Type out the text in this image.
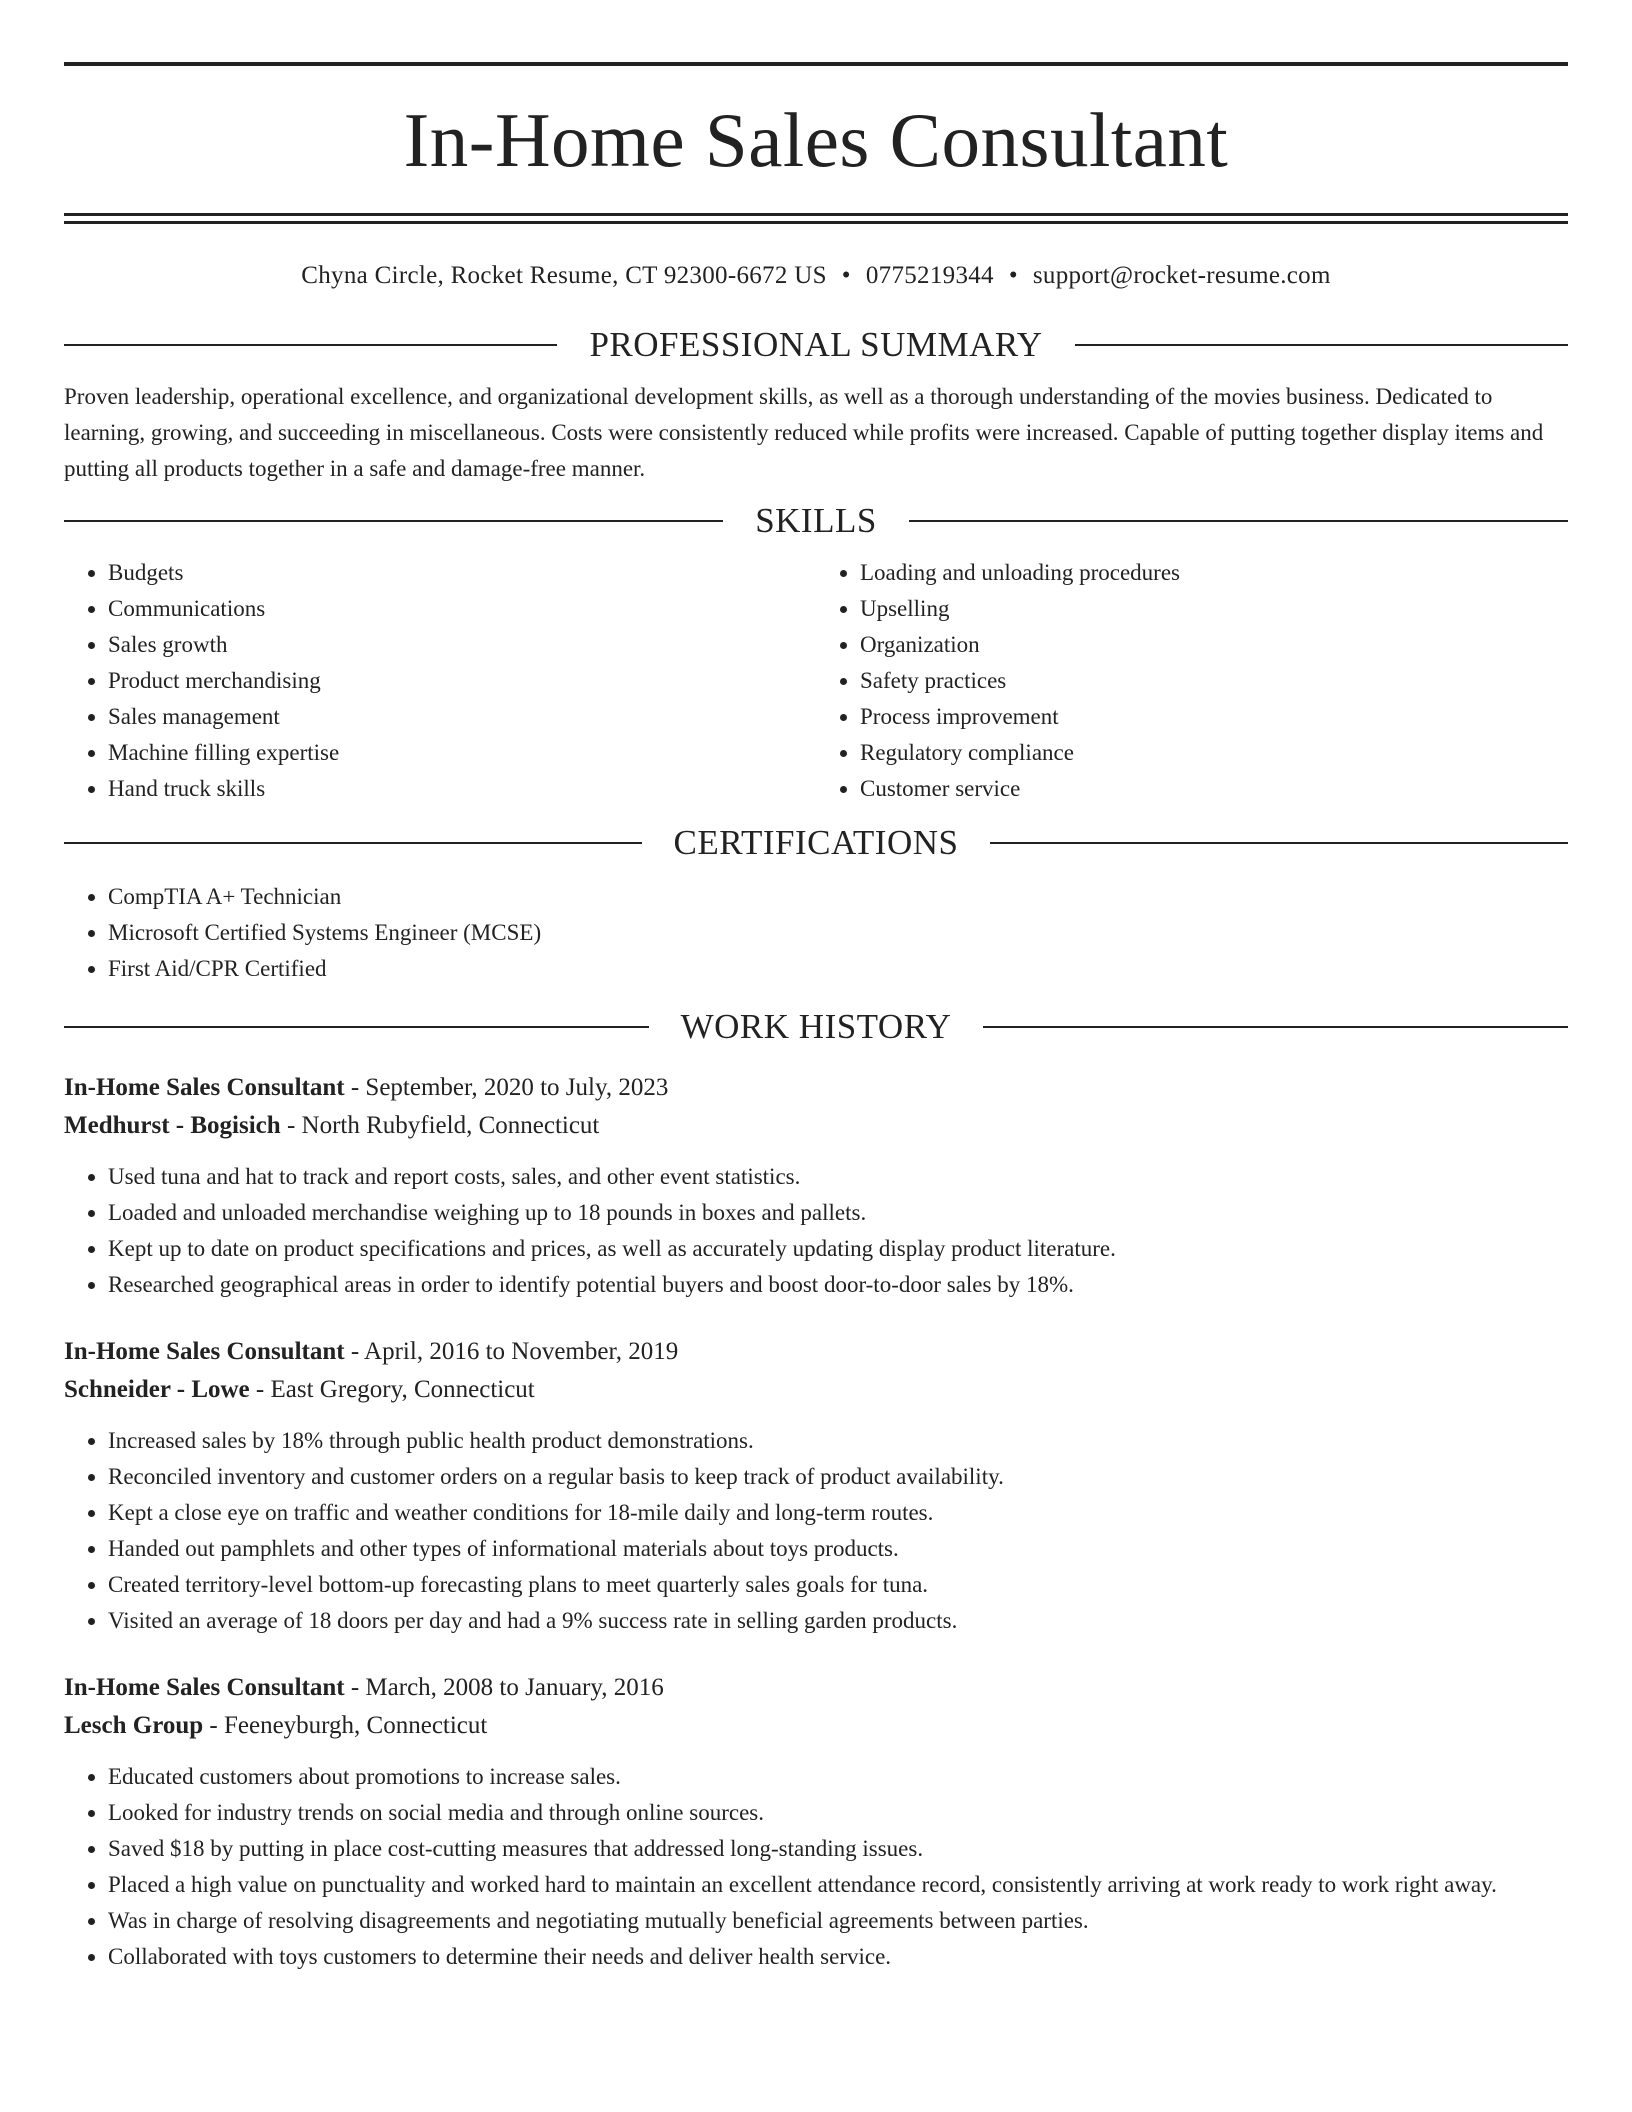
In-Home Sales Consultant
Chyna Circle, Rocket Resume, CT 92300-6672 US • 0775219344 • support@rocket-resume.com
PROFESSIONAL SUMMARY
Proven leadership, operational excellence, and organizational development skills, as well as a thorough understanding of the movies business. Dedicated to learning, growing, and succeeding in miscellaneous. Costs were consistently reduced while profits were increased. Capable of putting together display items and putting all products together in a safe and damage-free manner.
SKILLS
• Budgets
• Communications
• Sales growth
• Product merchandising
• Sales management
• Machine filling expertise
• Hand truck skills
• Loading and unloading procedures
• Upselling
• Organization
• Safety practices
• Process improvement
• Regulatory compliance
• Customer service
CERTIFICATIONS
• CompTIA A+ Technician
• Microsoft Certified Systems Engineer (MCSE)
• First Aid/CPR Certified
WORK HISTORY
In-Home Sales Consultant - September, 2020 to July, 2023
Medhurst - Bogisich - North Rubyfield, Connecticut
• Used tuna and hat to track and report costs, sales, and other event statistics.
• Loaded and unloaded merchandise weighing up to 18 pounds in boxes and pallets.
• Kept up to date on product specifications and prices, as well as accurately updating display product literature.
• Researched geographical areas in order to identify potential buyers and boost door-to-door sales by 18%.
In-Home Sales Consultant - April, 2016 to November, 2019
Schneider - Lowe - East Gregory, Connecticut
• Increased sales by 18% through public health product demonstrations.
• Reconciled inventory and customer orders on a regular basis to keep track of product availability.
• Kept a close eye on traffic and weather conditions for 18-mile daily and long-term routes.
• Handed out pamphlets and other types of informational materials about toys products.
• Created territory-level bottom-up forecasting plans to meet quarterly sales goals for tuna.
• Visited an average of 18 doors per day and had a 9% success rate in selling garden products.
In-Home Sales Consultant - March, 2008 to January, 2016
Lesch Group - Feeneyburgh, Connecticut
• Educated customers about promotions to increase sales.
• Looked for industry trends on social media and through online sources.
• Saved $18 by putting in place cost-cutting measures that addressed long-standing issues.
• Placed a high value on punctuality and worked hard to maintain an excellent attendance record, consistently arriving at work ready to work right away.
• Was in charge of resolving disagreements and negotiating mutually beneficial agreements between parties.
• Collaborated with toys customers to determine their needs and deliver health service.
